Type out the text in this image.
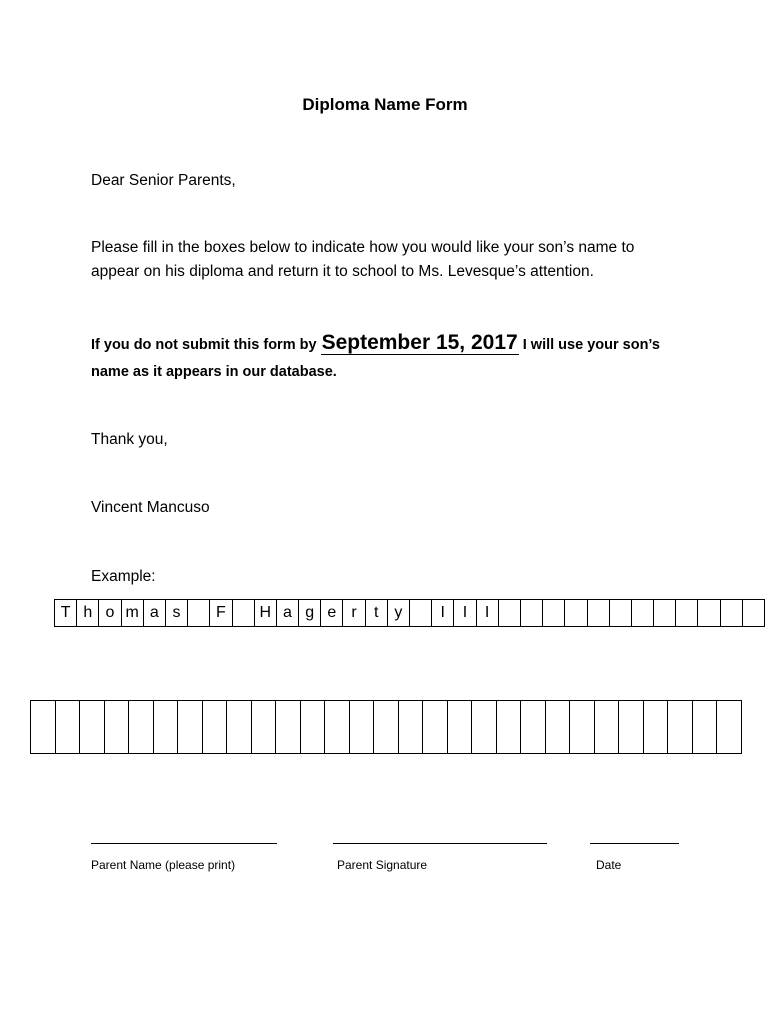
Diploma Name Form
Dear Senior Parents,
Please fill in the boxes below to indicate how you would like your son’s name to
appear on his diploma and return it to school to Ms. Levesque’s attention.
If you do not submit this form by September 15, 2017 I will use your son’s
name as it appears in our database.
Thank you,
Vincent Mancuso
Example:
T h o m a s	F	H a g e r	t y	I	I	I
Parent Name (please print)	Parent Signature	Date
